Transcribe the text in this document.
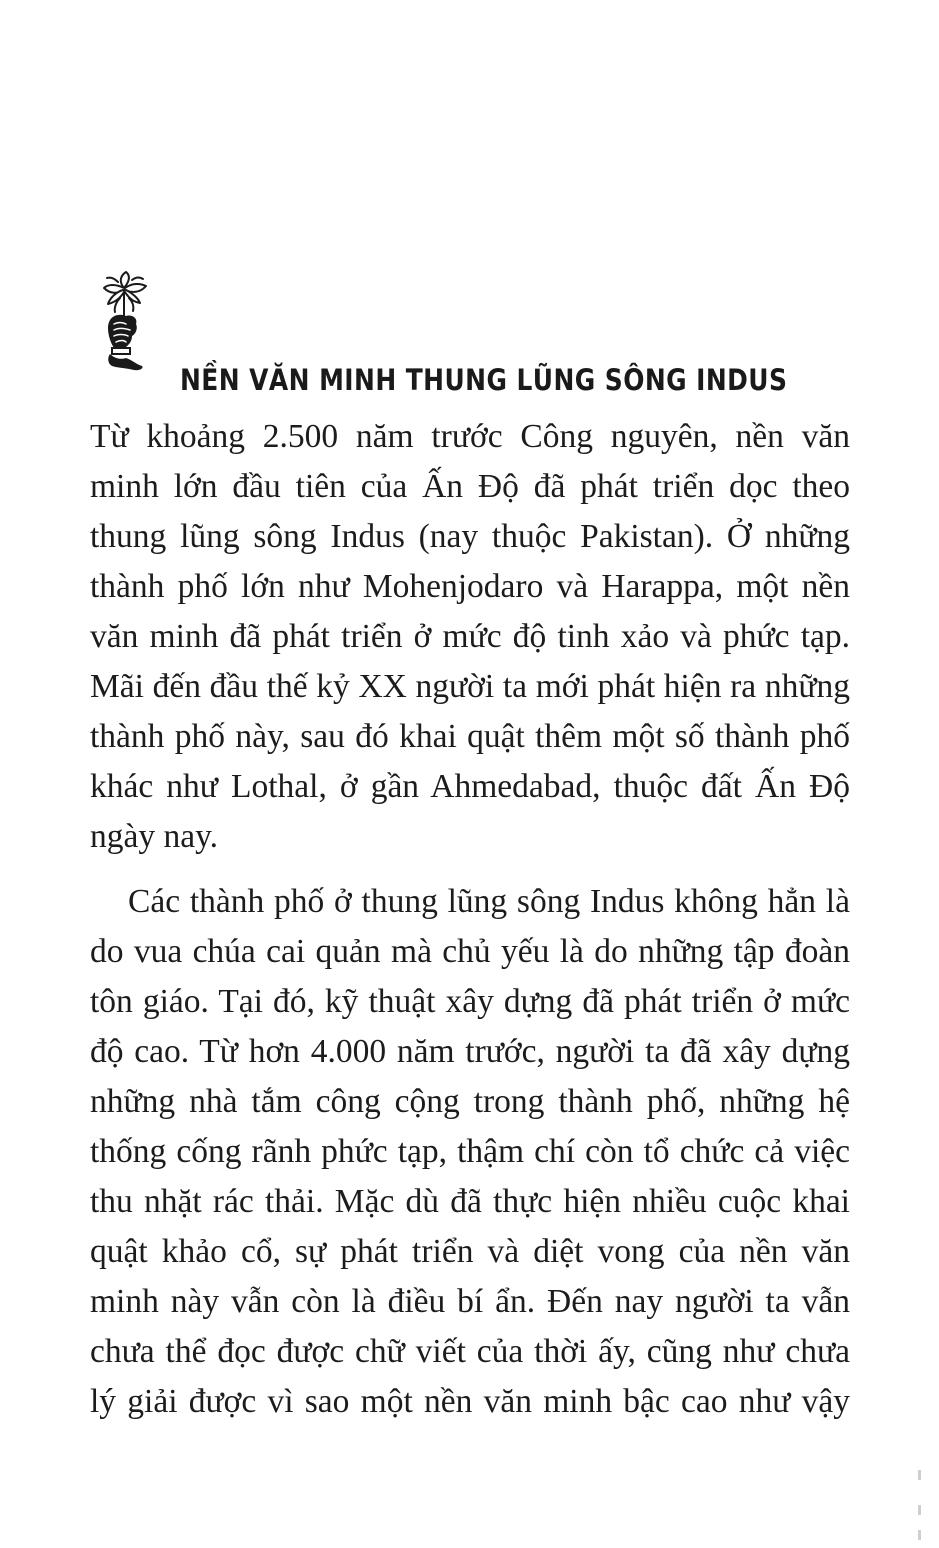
NỀN VĂN MINH THUNG LŨNG SÔNG INDUS
Từ khoảng 2.500 năm trước Công nguyên, nền văn
minh lớn đầu tiên của Ấn Độ đã phát triển dọc theo
thung lũng sông Indus (nay thuộc Pakistan). Ở những
thành phố lớn như Mohenjodaro và Harappa, một nền
văn minh đã phát triển ở mức độ tinh xảo và phức tạp.
Mãi đến đầu thế kỷ XX người ta mới phát hiện ra những
thành phố này, sau đó khai quật thêm một số thành phố
khác như Lothal, ở gần Ahmedabad, thuộc đất Ấn Độ
ngày nay.
Các thành phố ở thung lũng sông Indus không hẳn là
do vua chúa cai quản mà chủ yếu là do những tập đoàn
tôn giáo. Tại đó, kỹ thuật xây dựng đã phát triển ở mức
độ cao. Từ hơn 4.000 năm trước, người ta đã xây dựng
những nhà tắm công cộng trong thành phố, những hệ
thống cống rãnh phức tạp, thậm chí còn tổ chức cả việc
thu nhặt rác thải. Mặc dù đã thực hiện nhiều cuộc khai
quật khảo cổ, sự phát triển và diệt vong của nền văn
minh này vẫn còn là điều bí ẩn. Đến nay người ta vẫn
chưa thể đọc được chữ viết của thời ấy, cũng như chưa
lý giải được vì sao một nền văn minh bậc cao như vậy
